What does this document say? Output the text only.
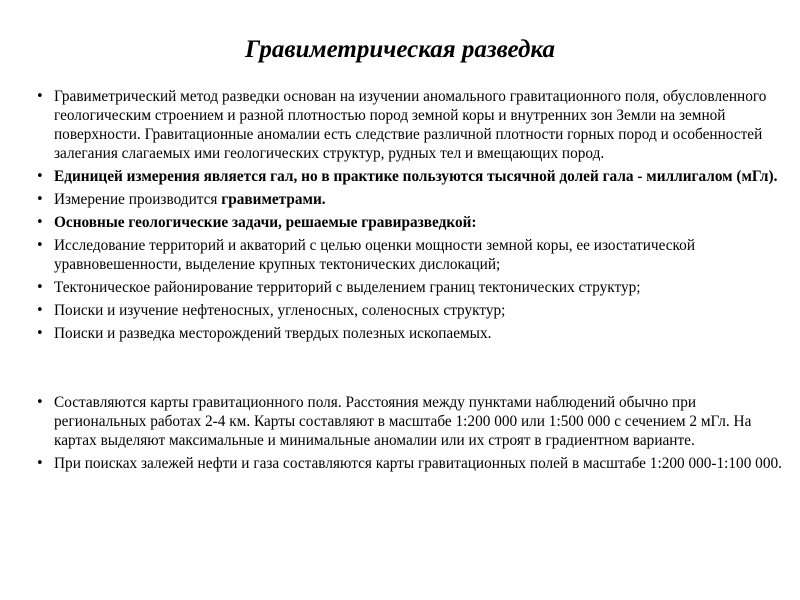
Гравиметрическая разведка
• Гравиметрический метод разведки основан на изучении аномального гравитационного поля, обусловленного геологическим строением и разной плотностью пород земной коры и внутренних зон Земли на земной поверхности. Гравитационные аномалии есть следствие различной плотности горных пород и особенностей залегания слагаемых ими геологических структур, рудных тел и вмещающих пород.
• Единицей измерения является гал, но в практике пользуются тысячной долей гала - миллигалом (мГл).
• Измерение производится гравиметрами.
• Основные геологические задачи, решаемые гравиразведкой:
• Исследование территорий и акваторий с целью оценки мощности земной коры, ее изостатической уравновешенности, выделение крупных тектонических дислокаций;
• Тектоническое районирование территорий с выделением границ тектонических структур;
• Поиски и изучение нефтеносных, угленосных, соленосных структур;
• Поиски и разведка месторождений твердых полезных ископаемых.
• Составляются карты гравитационного поля. Расстояния между пунктами наблюдений обычно при региональных работах 2-4 км. Карты составляют в масштабе 1:200 000 или 1:500 000 с сечением 2 мГл. На картах выделяют максимальные и минимальные аномалии или их строят в градиентном варианте.
• При поисках залежей нефти и газа составляются карты гравитационных полей в масштабе 1:200 000-1:100 000.
